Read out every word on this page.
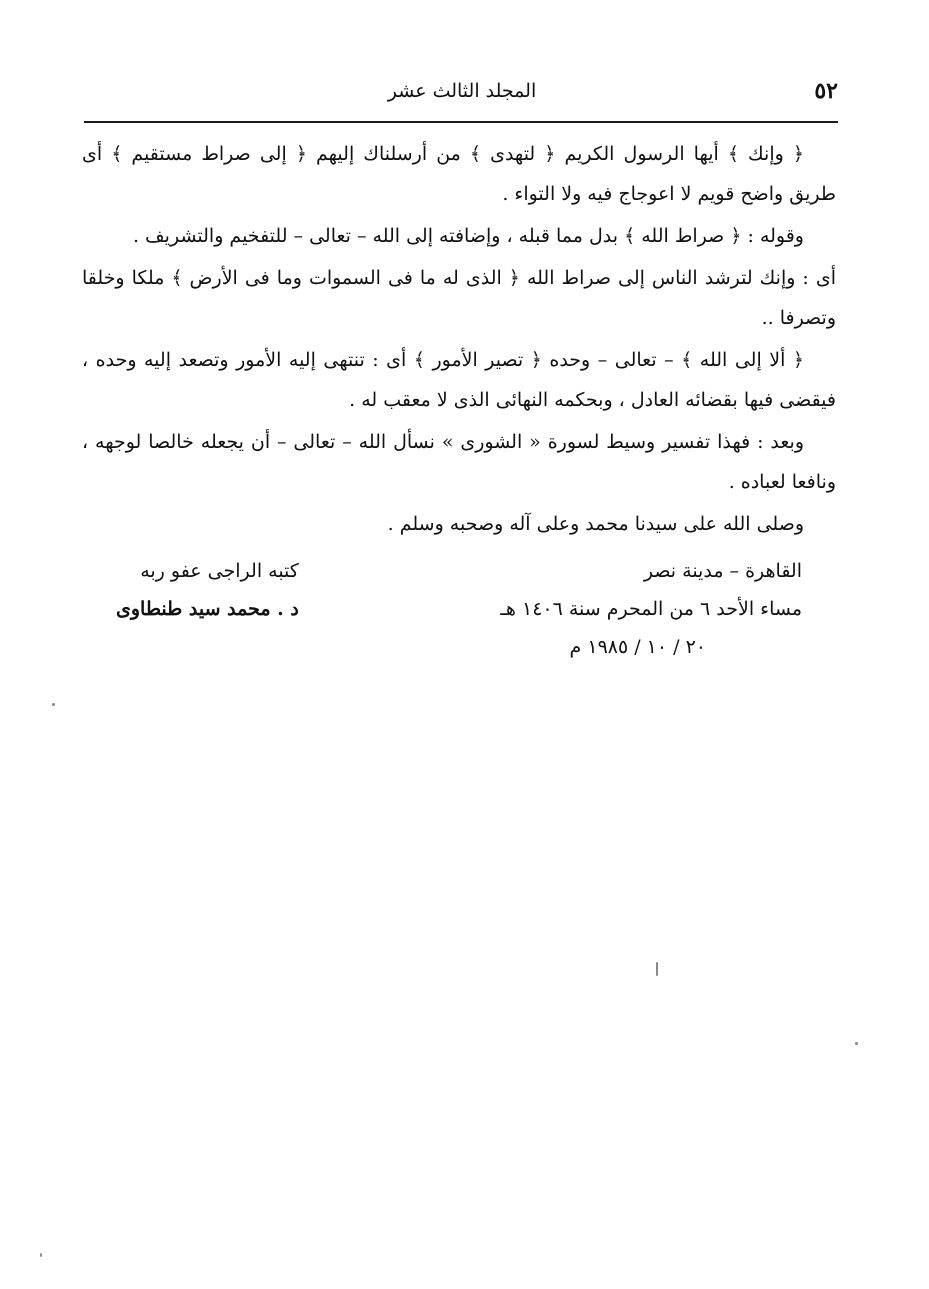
٥٢
المجلد الثالث عشر

﴿ وإنك ﴾ أيها الرسول الكريم ﴿ لتهدى ﴾ من أرسلناك إليهم ﴿ إلى صراط مستقيم ﴾ أى طريق واضح قويم لا اعوجاج فيه ولا التواء .

وقوله : ﴿ صراط الله ﴾ بدل مما قبله ، وإضافته إلى الله – تعالى – للتفخيم والتشريف .

أى : وإنك لترشد الناس إلى صراط الله ﴿ الذى له ما فى السموات وما فى الأرض ﴾ ملكا وخلقا وتصرفا ..

﴿ ألا إلى الله ﴾ – تعالى – وحده ﴿ تصير الأمور ﴾ أى : تنتهى إليه الأمور وتصعد إليه وحده ، فيقضى فيها بقضائه العادل ، وبحكمه النهائى الذى لا معقب له .

وبعد : فهذا تفسير وسيط لسورة « الشورى » نسأل الله – تعالى – أن يجعله خالصا لوجهه ، ونافعا لعباده .

وصلى الله على سيدنا محمد وعلى آله وصحبه وسلم .

القاهرة – مدينة نصر
مساء الأحد ٦ من المحرم سنة ١٤٠٦ هـ
٢٠ / ١٠ / ١٩٨٥ م
كتبه الراجى عفو ربه
د . محمد سيد طنطاوى
